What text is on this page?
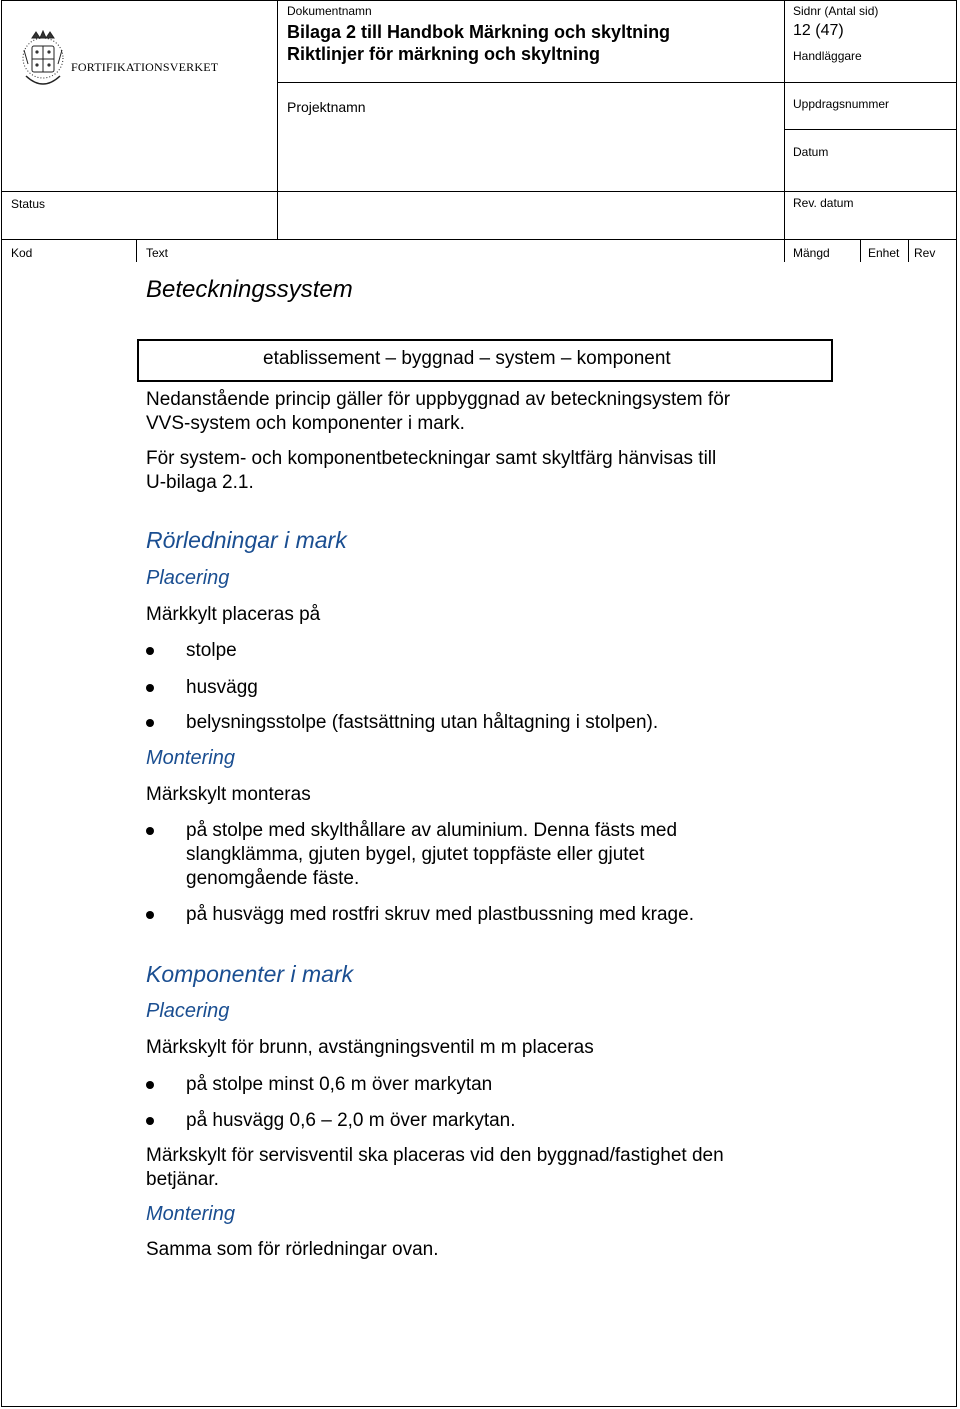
FORTIFIKATIONSVERKET
Dokumentnamn
Bilaga 2 till Handbok Märkning och skyltning
Riktlinjer för märkning och skyltning
Sidnr (Antal sid)
12 (47)
Handläggare
Projektnamn	Uppdragsnummer
Datum
Status	Rev. datum
Kod	Text	Mängd	Enhet Rev
Beteckningssystem
etablissement – byggnad – system – komponent
Nedanstående princip gäller för uppbyggnad av beteckningsystem för
VVS-system och komponenter i mark.
För system- och komponentbeteckningar samt skyltfärg hänvisas till
U-bilaga 2.1.
Rörledningar i mark
Placering
Märkkylt placeras på
stolpe
husvägg
belysningsstolpe (fastsättning utan håltagning i stolpen).
Montering
Märkskylt monteras
på stolpe med skylthållare av aluminium. Denna fästs med
slangklämma, gjuten bygel, gjutet toppfäste eller gjutet
genomgående fäste.
på husvägg med rostfri skruv med plastbussning med krage.
Komponenter i mark
Placering
Märkskylt för brunn, avstängningsventil m m placeras
på stolpe minst 0,6 m över markytan
på husvägg 0,6 – 2,0 m över markytan.
Märkskylt för servisventil ska placeras vid den byggnad/fastighet den
betjänar.
Montering
Samma som för rörledningar ovan.
